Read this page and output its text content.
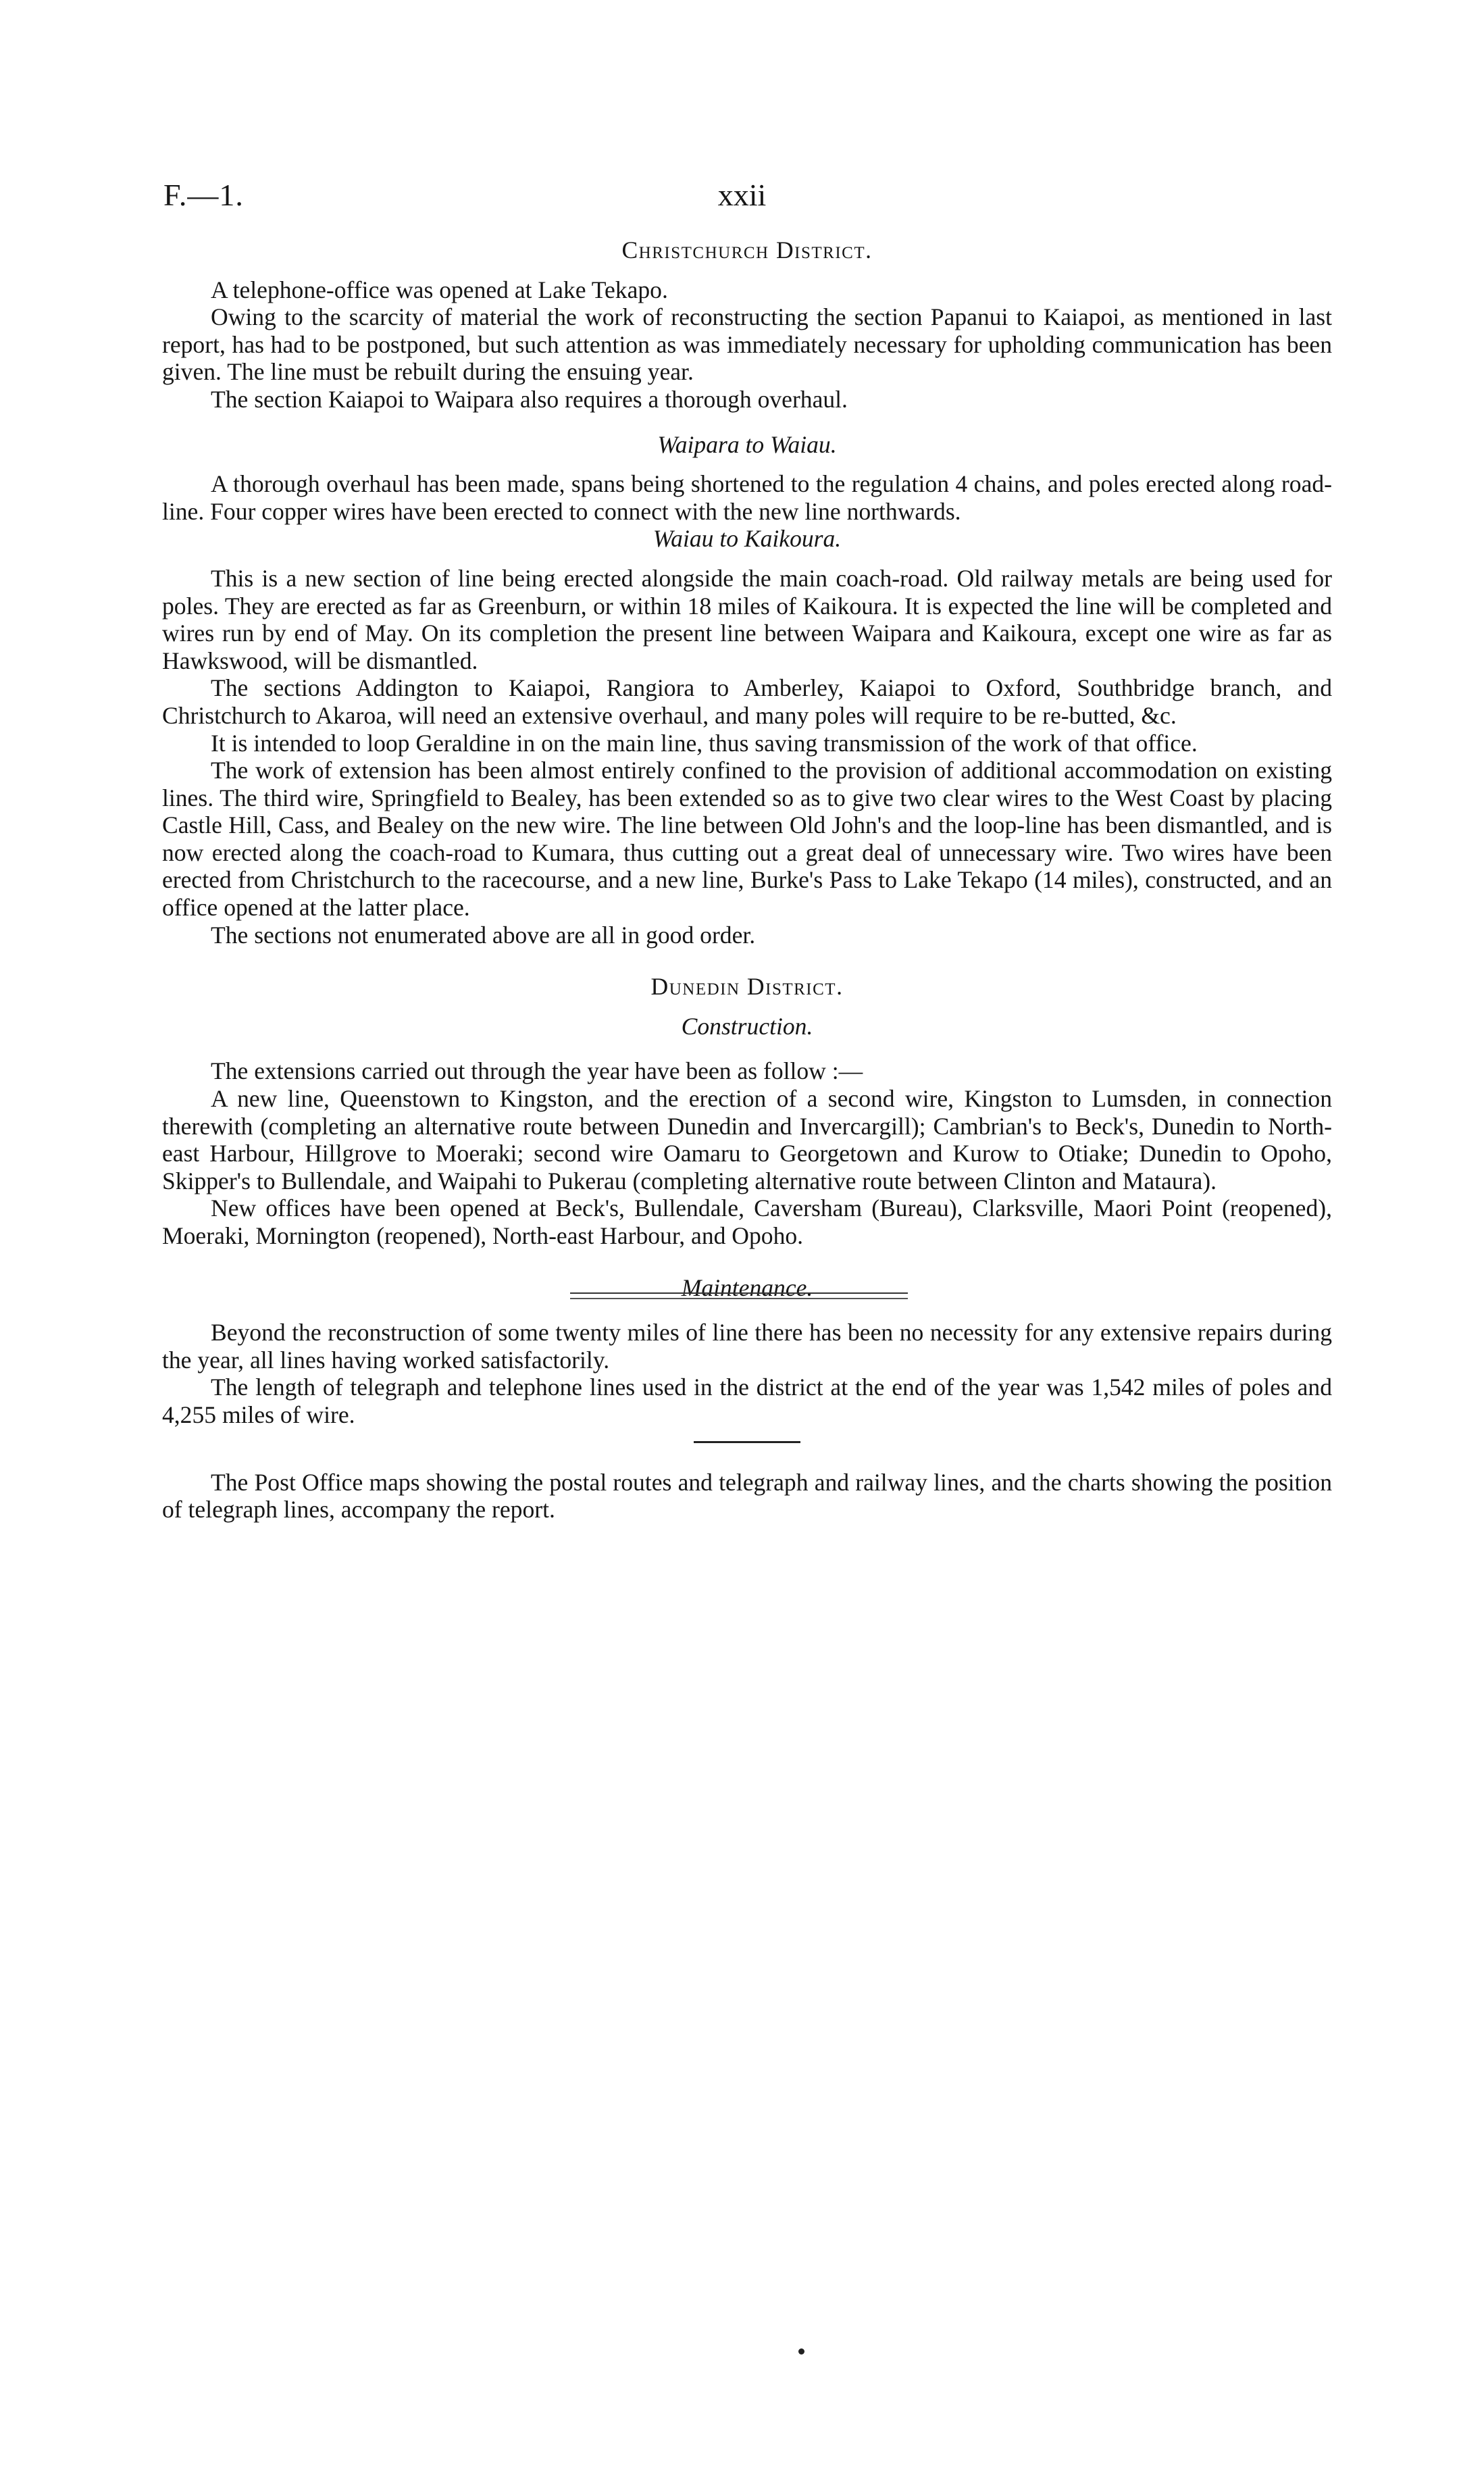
F.—1.	xxii
Christchurch District.

A telephone-office was opened at Lake Tekapo.

Owing to the scarcity of material the work of reconstructing the section Papanui to Kaiapoi, as mentioned in last report, has had to be postponed, but such attention as was immediately necessary for upholding communication has been given. The line must be rebuilt during the ensuing year.

The section Kaiapoi to Waipara also requires a thorough overhaul.

Waipara to Waiau.

A thorough overhaul has been made, spans being shortened to the regulation 4 chains, and poles erected along road-line. Four copper wires have been erected to connect with the new line northwards.

Waiau to Kaikoura.

This is a new section of line being erected alongside the main coach-road. Old railway metals are being used for poles. They are erected as far as Greenburn, or within 18 miles of Kaikoura. It is expected the line will be completed and wires run by end of May. On its completion the present line between Waipara and Kaikoura, except one wire as far as Hawkswood, will be dismantled.

The sections Addington to Kaiapoi, Rangiora to Amberley, Kaiapoi to Oxford, Southbridge branch, and Christchurch to Akaroa, will need an extensive overhaul, and many poles will require to be re-butted, &c.

It is intended to loop Geraldine in on the main line, thus saving transmission of the work of that office.

The work of extension has been almost entirely confined to the provision of additional accommodation on existing lines. The third wire, Springfield to Bealey, has been extended so as to give two clear wires to the West Coast by placing Castle Hill, Cass, and Bealey on the new wire. The line between Old John's and the loop-line has been dismantled, and is now erected along the coach-road to Kumara, thus cutting out a great deal of unnecessary wire. Two wires have been erected from Christchurch to the racecourse, and a new line, Burke's Pass to Lake Tekapo (14 miles), constructed, and an office opened at the latter place.

The sections not enumerated above are all in good order.

Dunedin District.
Construction.

The extensions carried out through the year have been as follow :—

A new line, Queenstown to Kingston, and the erection of a second wire, Kingston to Lumsden, in connection therewith (completing an alternative route between Dunedin and Invercargill); Cambrian's to Beck's, Dunedin to North-east Harbour, Hillgrove to Moeraki; second wire Oamaru to Georgetown and Kurow to Otiake; Dunedin to Opoho, Skipper's to Bullendale, and Waipahi to Pukerau (completing alternative route between Clinton and Mataura).

New offices have been opened at Beck's, Bullendale, Caversham (Bureau), Clarksville, Maori Point (reopened), Moeraki, Mornington (reopened), North-east Harbour, and Opoho.

Maintenance.

Beyond the reconstruction of some twenty miles of line there has been no necessity for any extensive repairs during the year, all lines having worked satisfactorily.

The length of telegraph and telephone lines used in the district at the end of the year was 1,542 miles of poles and 4,255 miles of wire.

The Post Office maps showing the postal routes and telegraph and railway lines, and the charts showing the position of telegraph lines, accompany the report.
